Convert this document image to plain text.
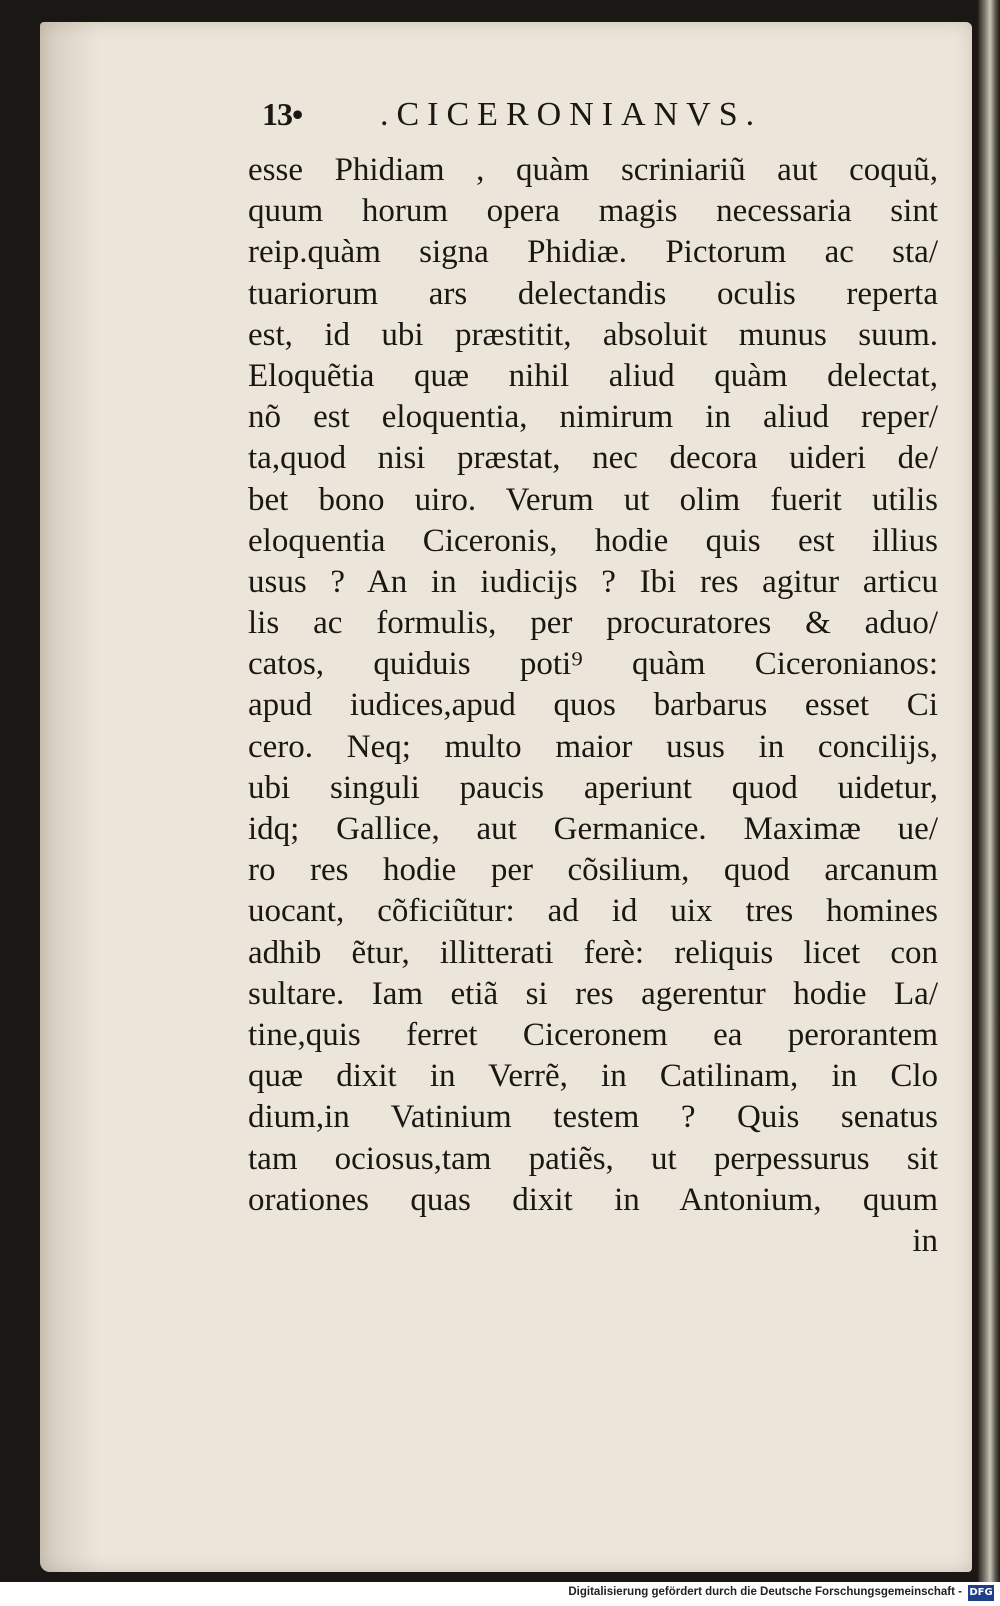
13• .CICERONIANVS.
esse Phidiam , quàm scriniariũ aut coquũ,
quum horum opera magis necessaria sint
reip.quàm signa Phidiæ. Pictorum ac sta/
tuariorum ars delectandis oculis reperta
est, id ubi præstitit, absoluit munus suum.
Eloquẽtia quæ nihil aliud quàm delectat,
nõ est eloquentia, nimirum in aliud reper/
ta,quod nisi præstat, nec decora uideri de/
bet bono uiro. Verum ut olim fuerit utilis
eloquentia Ciceronis, hodie quis est illius
usus ? An in iudicijs ? Ibi res agitur articu
lis ac formulis, per procuratores & aduo/
catos, quiduis poti⁹ quàm Ciceronianos:
apud iudices,apud quos barbarus esset Ci
cero. Neq; multo maior usus in concilijs,
ubi singuli paucis aperiunt quod uidetur,
idq; Gallice, aut Germanice. Maximæ ue/
ro res hodie per cõsilium, quod arcanum
uocant, cõficiũtur: ad id uix tres homines
adhib ẽtur, illitterati ferè: reliquis licet con
sultare. Iam etiã si res agerentur hodie La/
tine,quis ferret Ciceronem ea perorantem
quæ dixit in Verrẽ, in Catilinam, in Clo
dium,in Vatinium testem ? Quis senatus
tam ociosus,tam patiẽs, ut perpessurus sit
orationes quas dixit in Antonium, quum
in
Digitalisierung gefördert durch die Deutsche Forschungsgemeinschaft - DFG
